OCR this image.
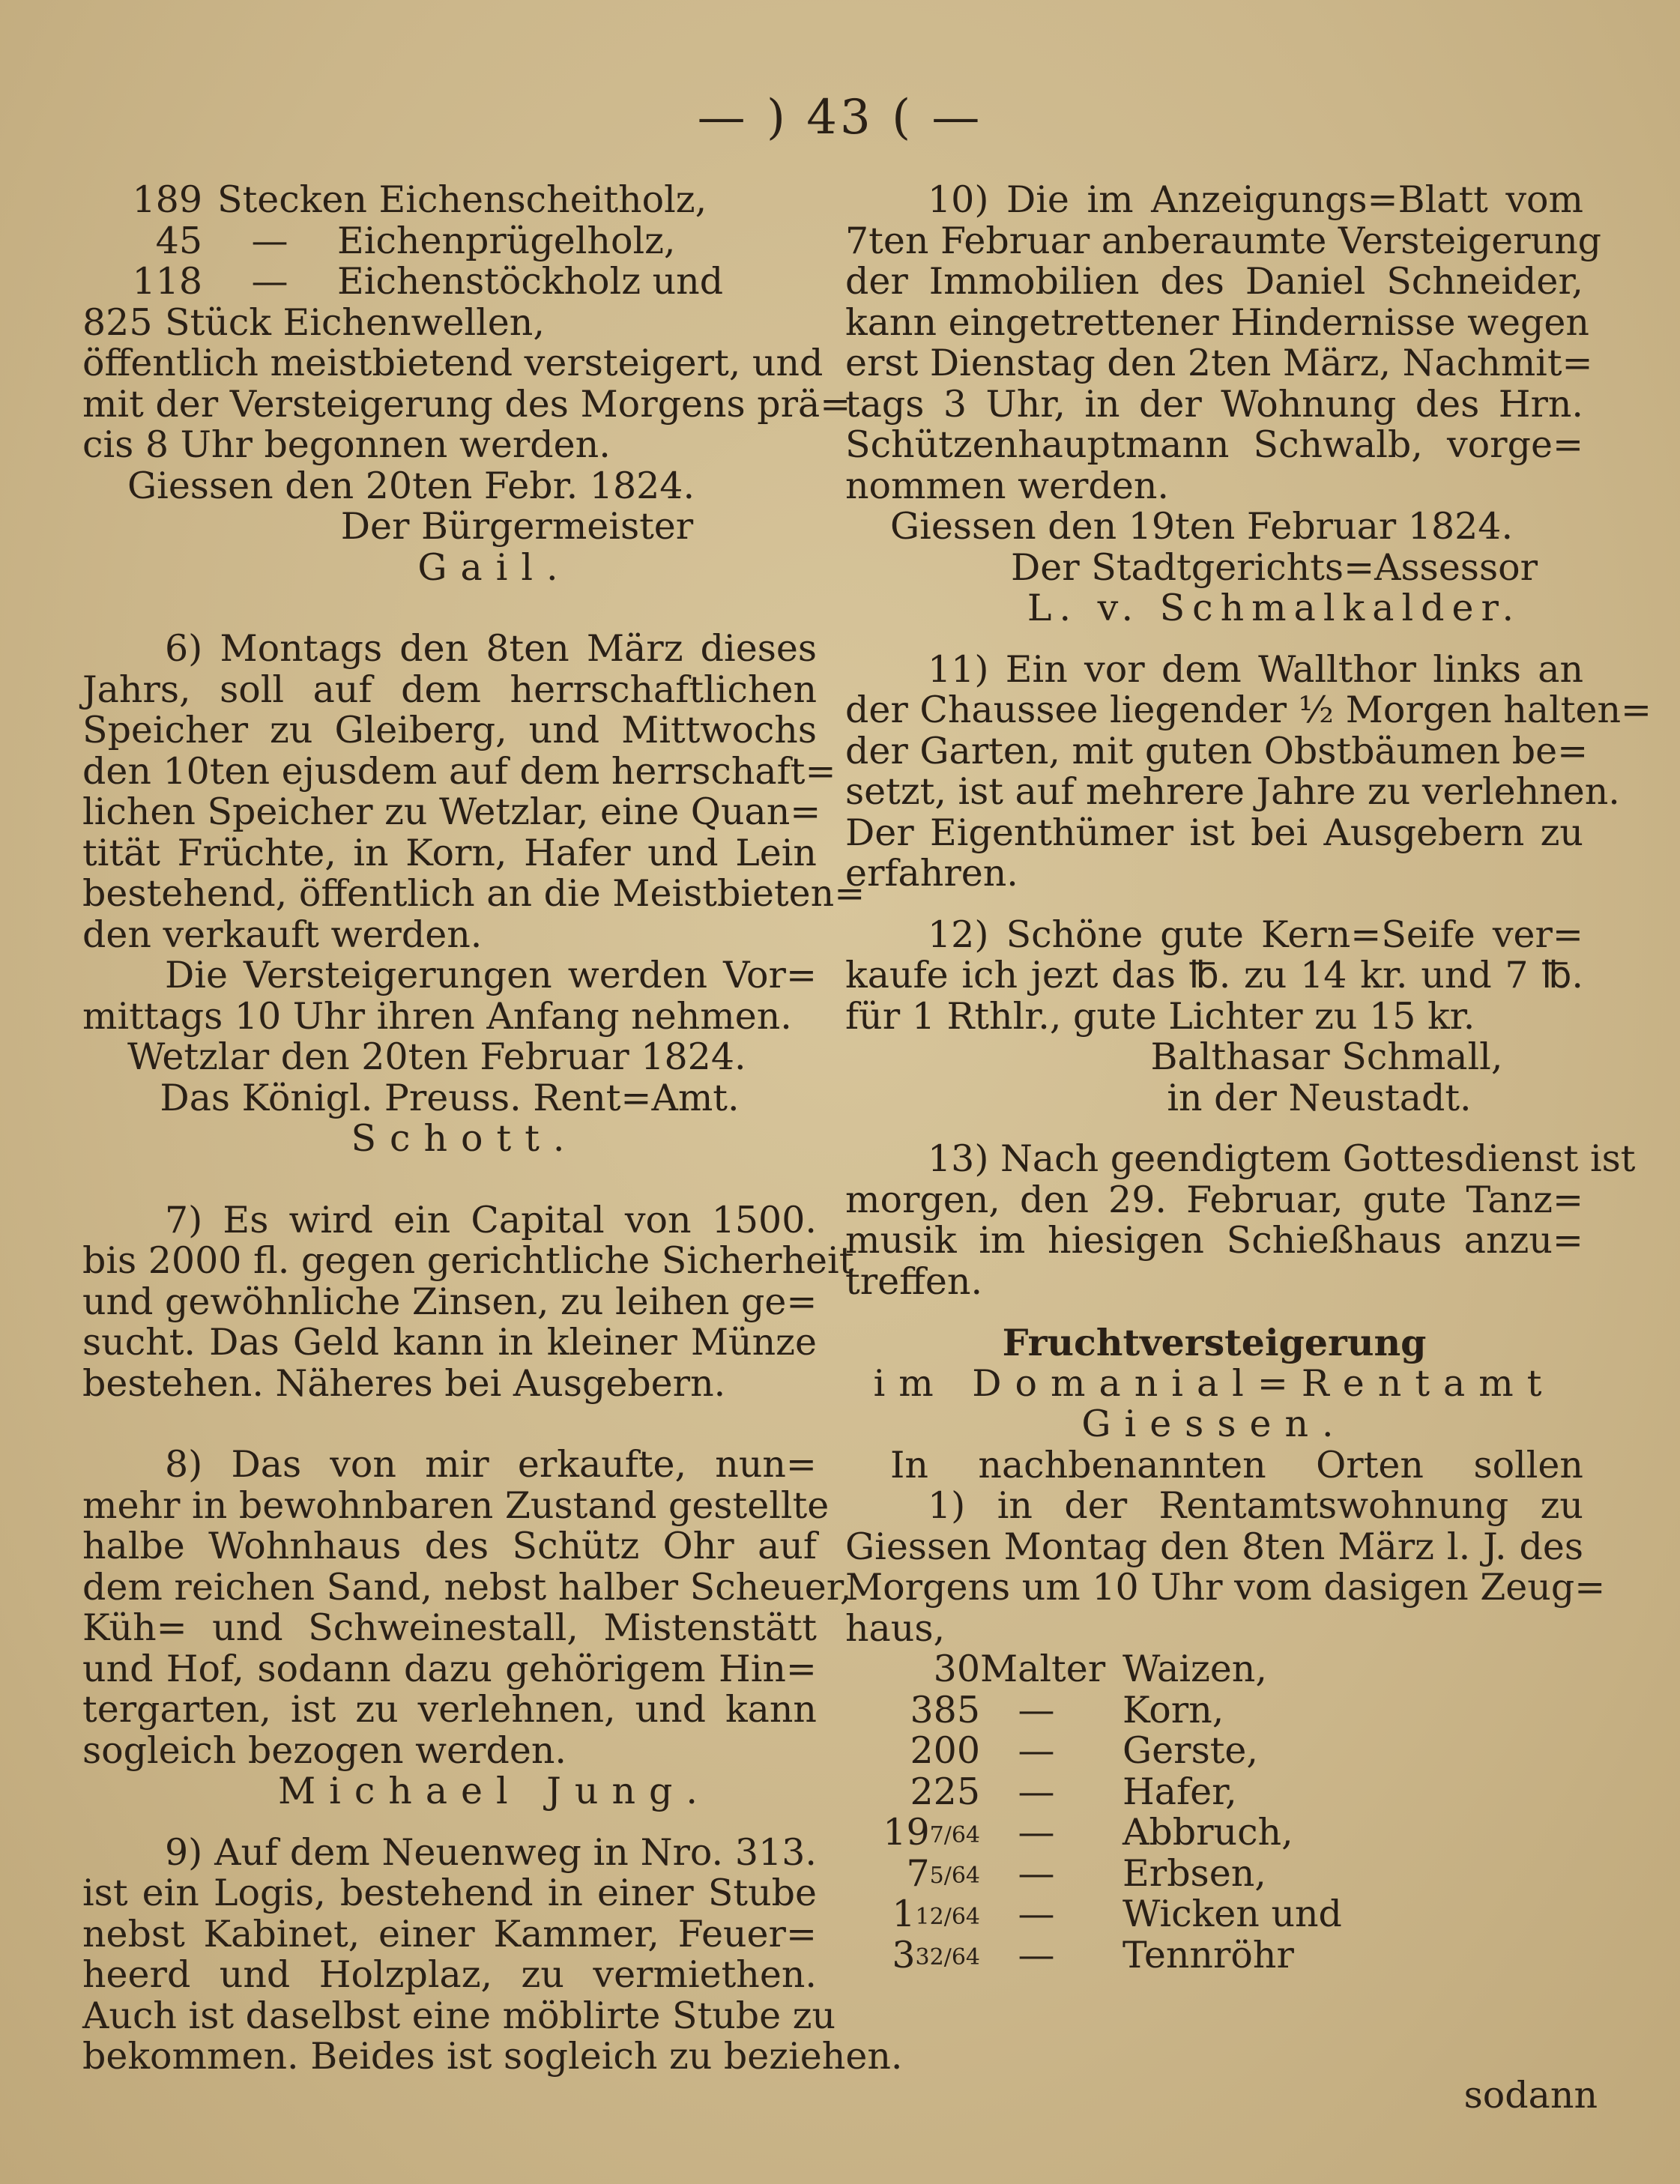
— ) 43 ( —
189 Stecken Eichenscheitholz,
45 — Eichenprügelholz,
118 — Eichenstöckholz und
825 Stück Eichenwellen,
öffentlich meistbietend versteigert, und
mit der Versteigerung des Morgens prä=
cis 8 Uhr begonnen werden.
Giessen den 20ten Febr. 1824.
Der Bürgermeister
Gail.
6) Montags den 8ten März dieses
Jahrs, soll auf dem herrschaftlichen
Speicher zu Gleiberg, und Mittwochs
den 10ten ejusdem auf dem herrschaft=
lichen Speicher zu Wetzlar, eine Quan=
tität Früchte, in Korn, Hafer und Lein
bestehend, öffentlich an die Meistbieten=
den verkauft werden.
Die Versteigerungen werden Vor=
mittags 10 Uhr ihren Anfang nehmen.
Wetzlar den 20ten Februar 1824.
Das Königl. Preuss. Rent=Amt.
Schott.
7) Es wird ein Capital von 1500.
bis 2000 fl. gegen gerichtliche Sicherheit
und gewöhnliche Zinsen, zu leihen ge=
sucht. Das Geld kann in kleiner Münze
bestehen. Näheres bei Ausgebern.
8) Das von mir erkaufte, nun=
mehr in bewohnbaren Zustand gestellte
halbe Wohnhaus des Schütz Ohr auf
dem reichen Sand, nebst halber Scheuer,
Küh= und Schweinestall, Mistenstätt
und Hof, sodann dazu gehörigem Hin=
tergarten, ist zu verlehnen, und kann
sogleich bezogen werden.
Michael Jung.
9) Auf dem Neuenweg in Nro. 313.
ist ein Logis, bestehend in einer Stube
nebst Kabinet, einer Kammer, Feuer=
heerd und Holzplaz, zu vermiethen.
Auch ist daselbst eine möblirte Stube zu
bekommen. Beides ist sogleich zu beziehen.
10) Die im Anzeigungs=Blatt vom
7ten Februar anberaumte Versteigerung
der Immobilien des Daniel Schneider,
kann eingetrettener Hindernisse wegen
erst Dienstag den 2ten März, Nachmit=
tags 3 Uhr, in der Wohnung des Hrn.
Schützenhauptmann Schwalb, vorge=
nommen werden.
Giessen den 19ten Februar 1824.
Der Stadtgerichts=Assessor
L. v. Schmalkalder.
11) Ein vor dem Wallthor links an
der Chaussee liegender ½ Morgen halten=
der Garten, mit guten Obstbäumen be=
setzt, ist auf mehrere Jahre zu verlehnen.
Der Eigenthümer ist bei Ausgebern zu
erfahren.
12) Schöne gute Kern=Seife ver=
kaufe ich jezt das ℔. zu 14 kr. und 7 ℔.
für 1 Rthlr., gute Lichter zu 15 kr.
Balthasar Schmall,
in der Neustadt.
13) Nach geendigtem Gottesdienst ist
morgen, den 29. Februar, gute Tanz=
musik im hiesigen Schießhaus anzu=
treffen.
Fruchtversteigerung
im Domanial=Rentamt
Giessen.
In nachbenannten Orten sollen
1) in der Rentamtswohnung zu
Giessen Montag den 8ten März l. J. des
Morgens um 10 Uhr vom dasigen Zeug=
haus,
30Malter Waizen,
385 — Korn,
200 — Gerste,
225 — Hafer,
197/64 — Abbruch,
75/64 — Erbsen,
112/64 — Wicken und
332/64 — Tennröhr
sodann
